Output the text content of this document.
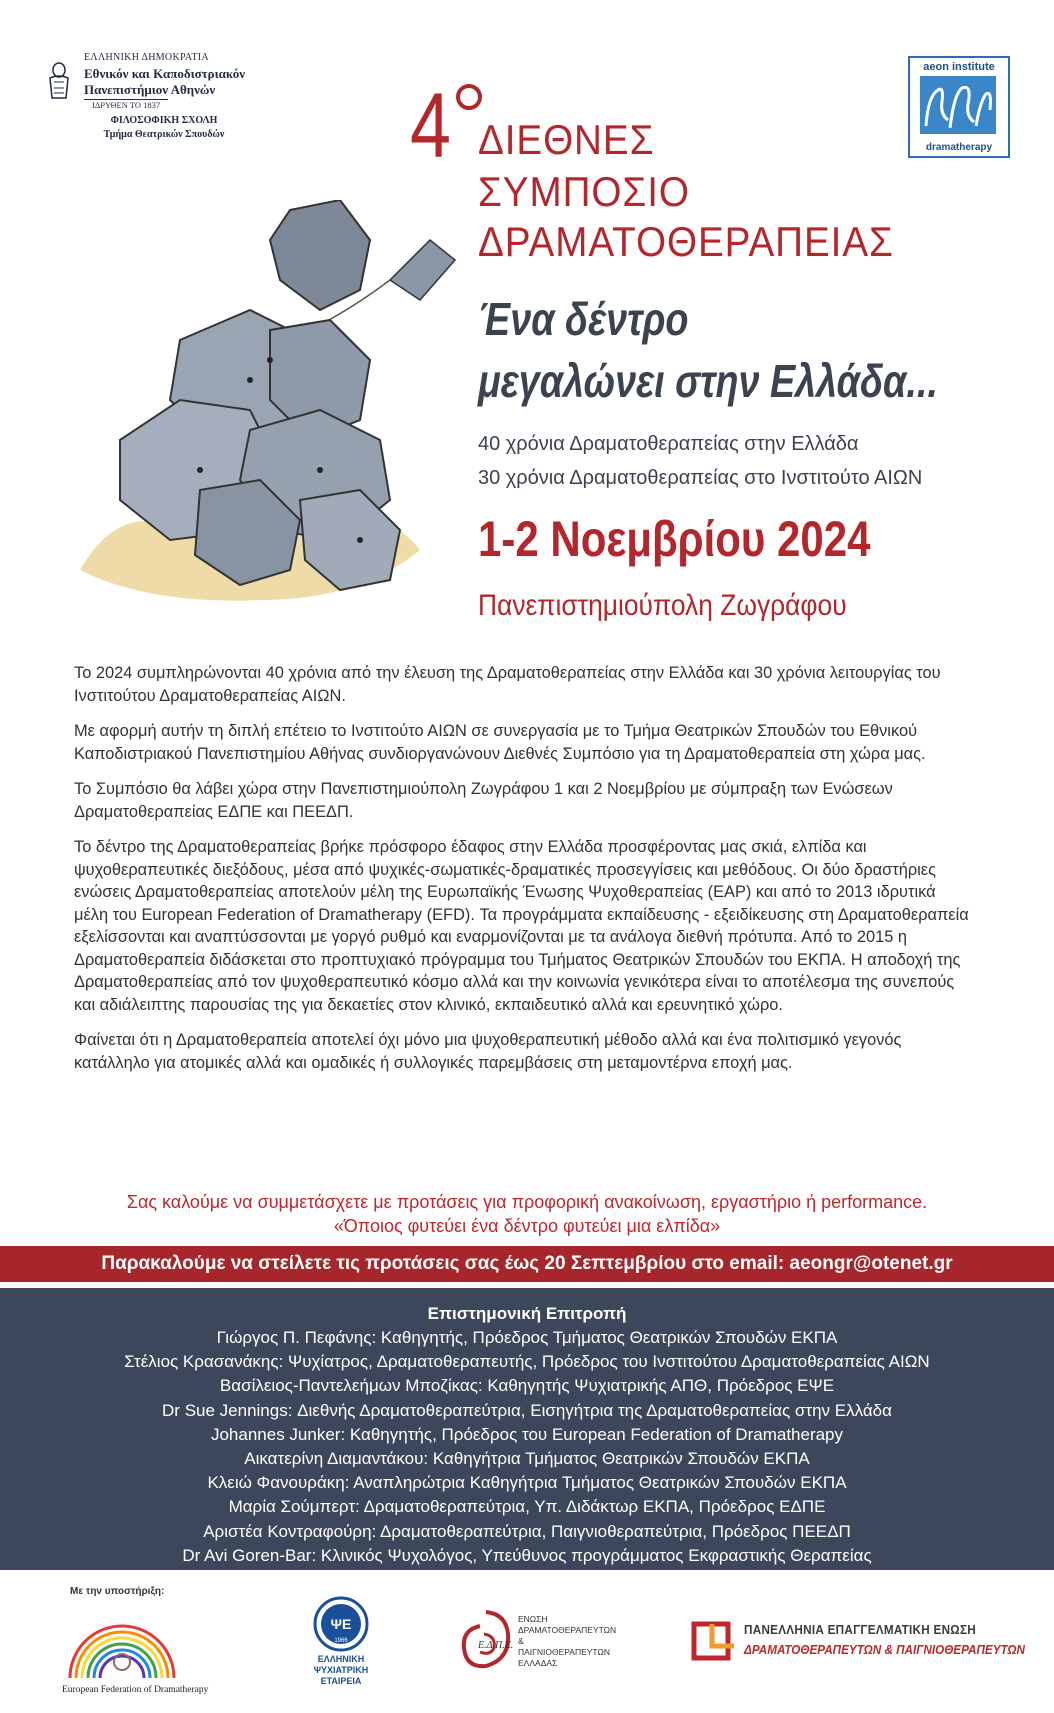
ΕΛΛΗΝΙΚΗ ΔΗΜΟΚΡΑΤΙΑ
Εθνικόν και Καποδιστριακόν
Πανεπιστήμιον Αθηνών
ΙΔΡΥΘΕΝ ΤΟ 1837
ΦΙΛΟΣΟΦΙΚΗ ΣΧΟΛΗ
Τμήμα Θεατρικών Σπουδών
aeon institute
dramatherapy
4 ΔΙΕΘΝΕΣ
ΣΥΜΠΟΣΙΟ
ΔΡΑΜΑΤΟΘΕΡΑΠΕΙΑΣ
Ένα δέντρο
μεγαλώνει στην Ελλάδα...
40 χρόνια Δραματοθεραπείας στην Ελλάδα
30 χρόνια Δραματοθεραπείας στο Ινστιτούτο ΑΙΩΝ
1-2 Νοεμβρίου 2024
Πανεπιστημιούπολη Ζωγράφου

Το 2024 συμπληρώνονται 40 χρόνια από την έλευση της Δραματοθεραπείας στην Ελλάδα και 30 χρόνια λειτουργίας του Ινστιτούτου Δραματοθεραπείας ΑΙΩΝ.

Με αφορμή αυτήν τη διπλή επέτειο το Ινστιτούτο ΑΙΩΝ σε συνεργασία με το Τμήμα Θεατρικών Σπουδών του Εθνικού Καποδιστριακού Πανεπιστημίου Αθήνας συνδιοργανώνουν Διεθνές Συμπόσιο για τη Δραματοθεραπεία στη χώρα μας.

Το Συμπόσιο θα λάβει χώρα στην Πανεπιστημιούπολη Ζωγράφου 1 και 2 Νοεμβρίου με σύμπραξη των Ενώσεων Δραματοθεραπείας ΕΔΠΕ και ΠΕΕΔΠ.

Το δέντρο της Δραματοθεραπείας βρήκε πρόσφορο έδαφος στην Ελλάδα προσφέροντας μας σκιά, ελπίδα και ψυχοθεραπευτικές διεξόδους, μέσα από ψυχικές-σωματικές-δραματικές προσεγγίσεις και μεθόδους. Οι δύο δραστήριες ενώσεις Δραματοθεραπείας αποτελούν μέλη της Ευρωπαϊκής Ένωσης Ψυχοθεραπείας (EAP) και από το 2013 ιδρυτικά μέλη του European Federation of Dramatherapy (EFD). Τα προγράμματα εκπαίδευσης - εξειδίκευσης στη Δραματοθεραπεία εξελίσσονται και αναπτύσσονται με γοργό ρυθμό και εναρμονίζονται με τα ανάλογα διεθνή πρότυπα. Από το 2015 η Δραματοθεραπεία διδάσκεται στο προπτυχιακό πρόγραμμα του Τμήματος Θεατρικών Σπουδών του ΕΚΠΑ. Η αποδοχή της Δραματοθεραπείας από τον ψυχοθεραπευτικό κόσμο αλλά και την κοινωνία γενικότερα είναι το αποτέλεσμα της συνεπούς και αδιάλειπτης παρουσίας της για δεκαετίες στον κλινικό, εκπαιδευτικό αλλά και ερευνητικό χώρο.

Φαίνεται ότι η Δραματοθεραπεία αποτελεί όχι μόνο μια ψυχοθεραπευτική μέθοδο αλλά και ένα πολιτισμικό γεγονός κατάλληλο για ατομικές αλλά και ομαδικές ή συλλογικές παρεμβάσεις στη μεταμοντέρνα εποχή μας.

Σας καλούμε να συμμετάσχετε με προτάσεις για προφορική ανακοίνωση, εργαστήριο ή performance.
«Όποιος φυτεύει ένα δέντρο φυτεύει μια ελπίδα»
Παρακαλούμε να στείλετε τις προτάσεις σας έως 20 Σεπτεμβρίου στο email: aeongr@otenet.gr
Επιστημονική Επιτροπή
Γιώργος Π. Πεφάνης: Καθηγητής, Πρόεδρος Τμήματος Θεατρικών Σπουδών ΕΚΠΑ
Στέλιος Κρασανάκης: Ψυχίατρος, Δραματοθεραπευτής, Πρόεδρος του Ινστιτούτου Δραματοθεραπείας ΑΙΩΝ
Βασίλειος-Παντελεήμων Μποζίκας: Καθηγητής Ψυχιατρικής ΑΠΘ, Πρόεδρος ΕΨΕ
Dr Sue Jennings: Διεθνής Δραματοθεραπεύτρια, Εισηγήτρια της Δραματοθεραπείας στην Ελλάδα
Johannes Junker: Καθηγητής, Πρόεδρος του European Federation of Dramatherapy
Αικατερίνη Διαμαντάκου: Καθηγήτρια Τμήματος Θεατρικών Σπουδών ΕΚΠΑ
Κλειώ Φανουράκη: Αναπληρώτρια Καθηγήτρια Τμήματος Θεατρικών Σπουδών ΕΚΠΑ
Μαρία Σούμπερτ: Δραματοθεραπεύτρια, Υπ. Διδάκτωρ ΕΚΠΑ, Πρόεδρος ΕΔΠΕ
Αριστέα Κοντραφούρη: Δραματοθεραπεύτρια, Παιγνιοθεραπεύτρια, Πρόεδρος ΠΕΕΔΠ
Dr Avi Goren-Bar: Κλινικός Ψυχολόγος, Υπεύθυνος προγράμματος Εκφραστικής Θεραπείας
Με την υποστήριξη:
European Federation of Dramatherapy
ΨΕ
1966
ΕΛΛΗΝΙΚΗ ΨΥΧΙΑΤΡΙΚΗ ΕΤΑΙΡΕΙΑ
Ε.Δ.Π.Ε.
ΕΝΩΣΗ
ΔΡΑΜΑΤΟΘΕΡΑΠΕΥΤΩΝ
& ΠΑΙΓΝΙΟΘΕΡΑΠΕΥΤΩΝ
ΕΛΛΑΔΑΣ
ΠΑΝΕΛΛΗΝΙΑ ΕΠΑΓΓΕΛΜΑΤΙΚΗ ΕΝΩΣΗ
ΔΡΑΜΑΤΟΘΕΡΑΠΕΥΤΩΝ & ΠΑΙΓΝΙΟΘΕΡΑΠΕΥΤΩΝ
